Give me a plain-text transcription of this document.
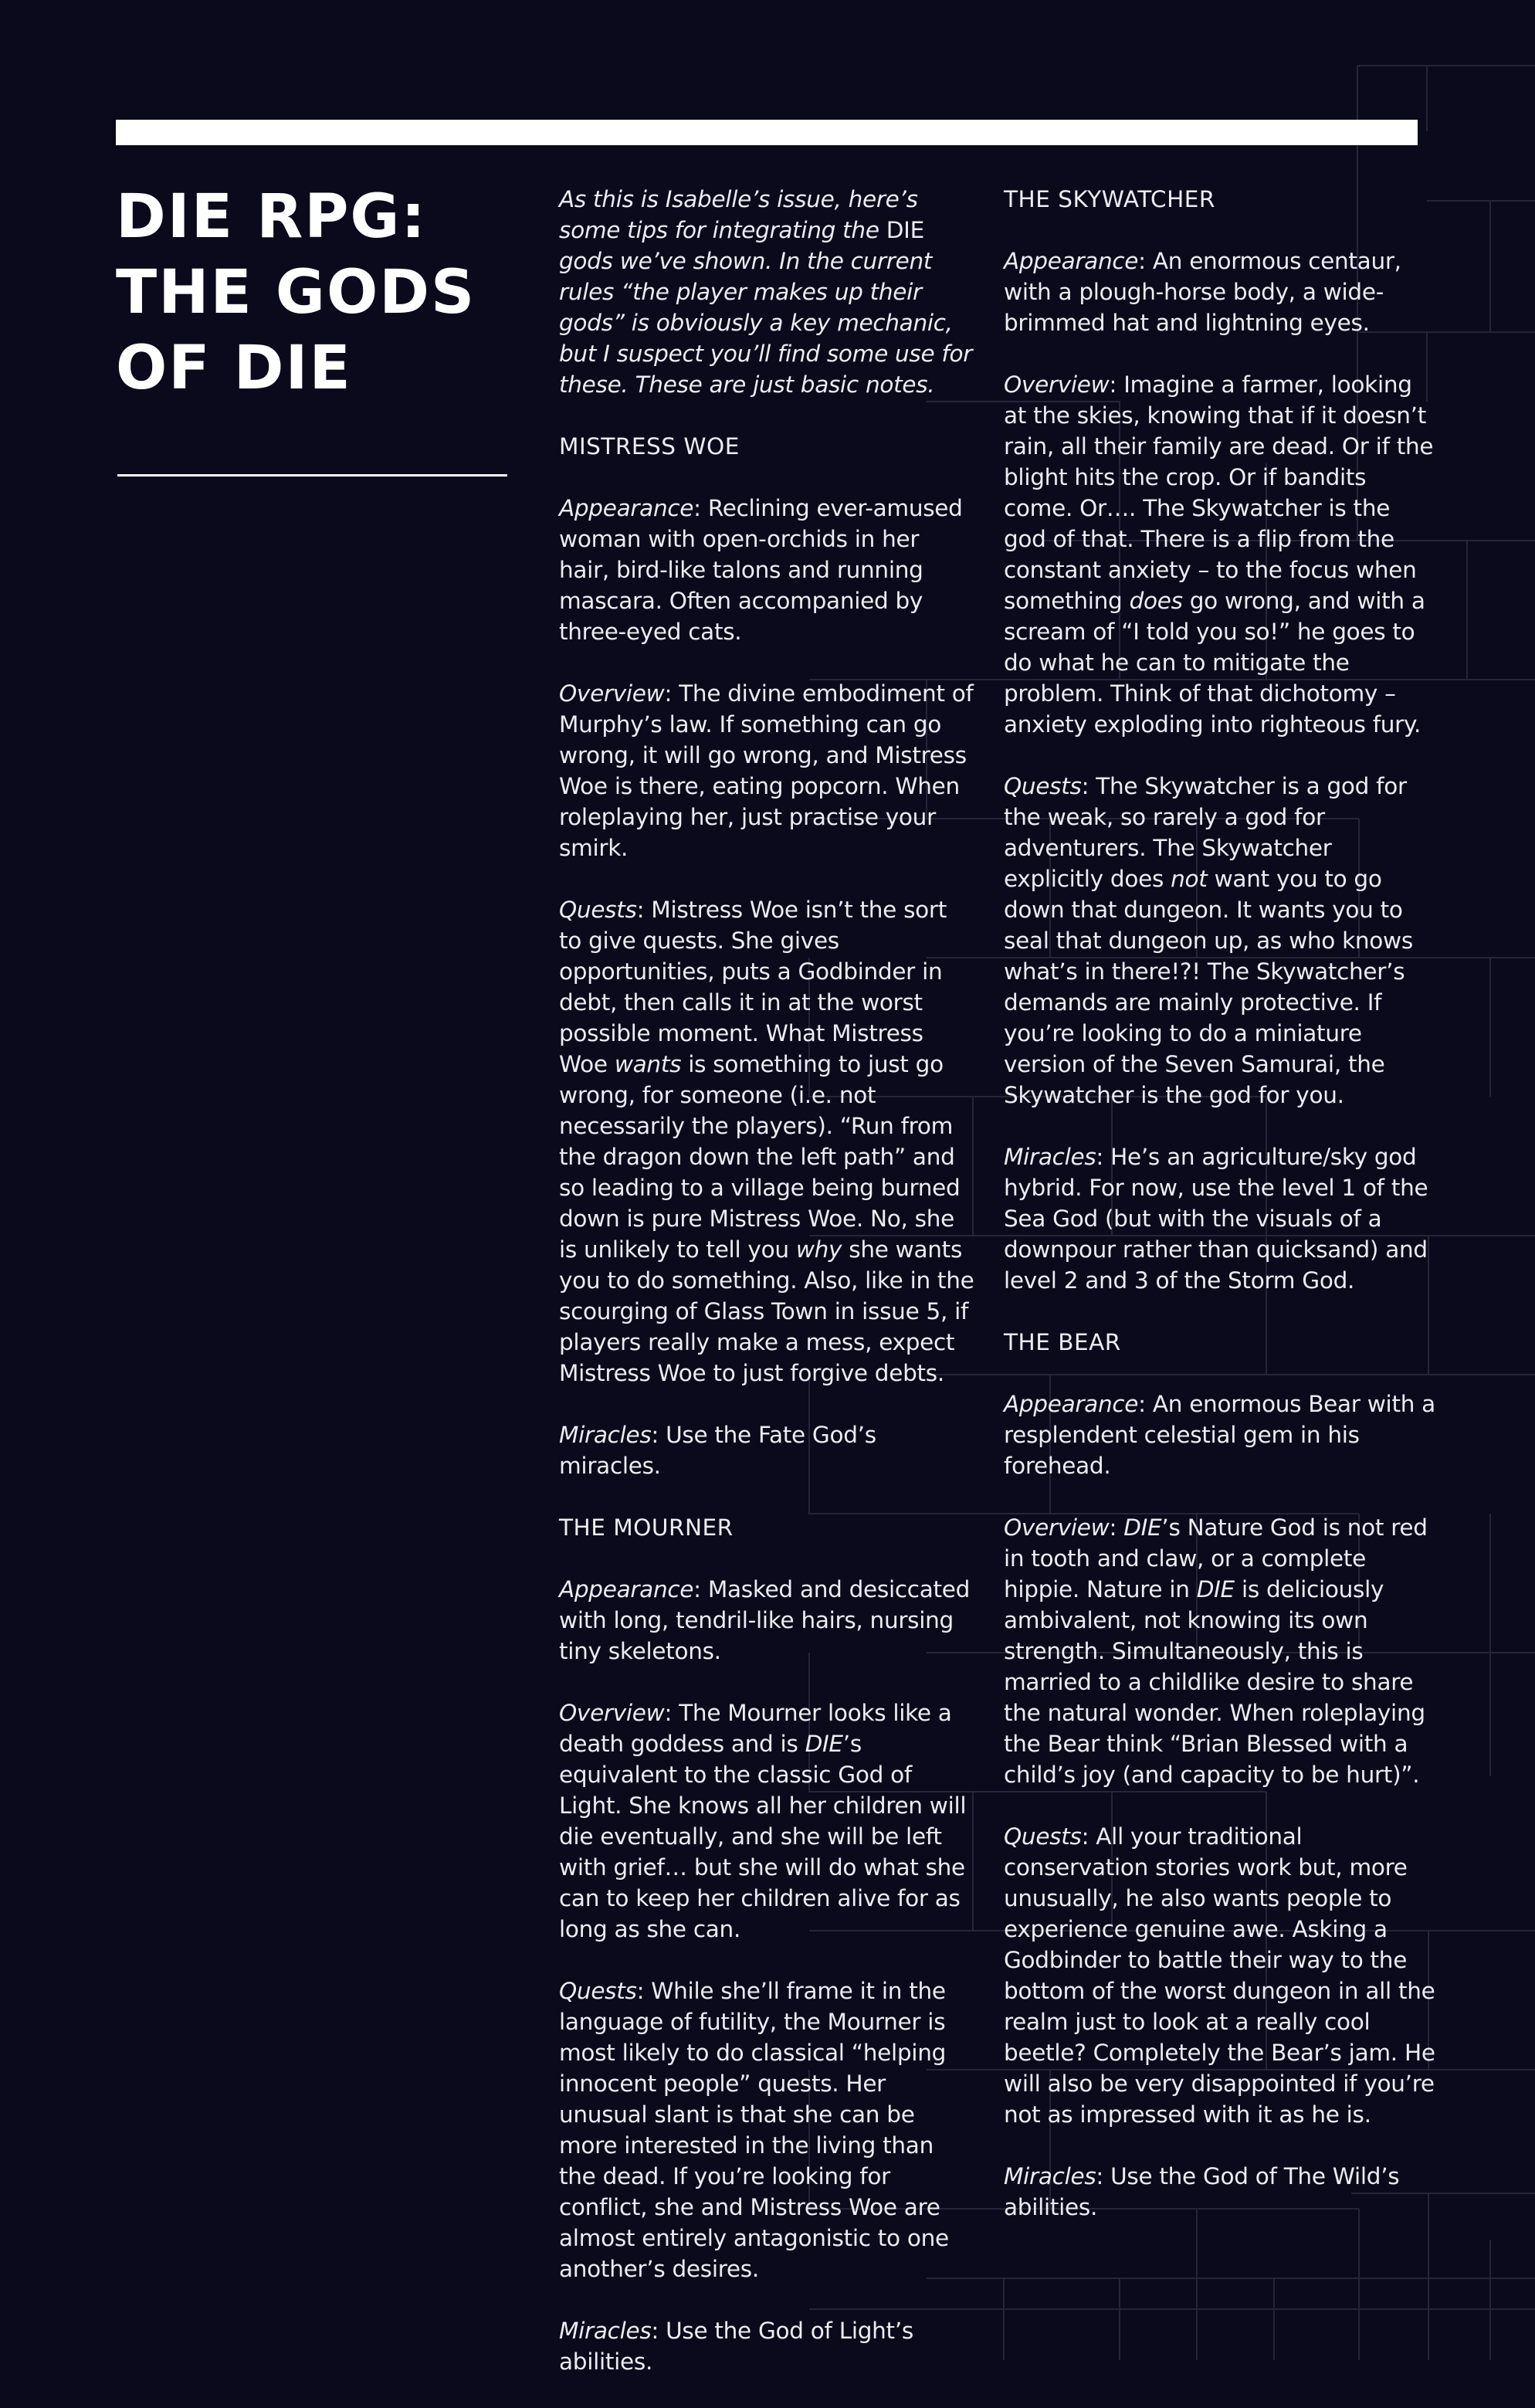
DIE RPG: THE GODS OF DIE

As this is Isabelle’s issue, here’s some tips for integrating the DIE gods we’ve shown. In the current rules “the player makes up their gods” is obviously a key mechanic, but I suspect you’ll find some use for these. These are just basic notes.

MISTRESS WOE

Appearance: Reclining ever-amused woman with open-orchids in her hair, bird-like talons and running mascara. Often accompanied by three-eyed cats.

Overview: The divine embodiment of Murphy’s law. If something can go wrong, it will go wrong, and Mistress Woe is there, eating popcorn. When roleplaying her, just practise your smirk.

Quests: Mistress Woe isn’t the sort to give quests. She gives opportunities, puts a Godbinder in debt, then calls it in at the worst possible moment. What Mistress Woe wants is something to just go wrong, for someone (i.e. not necessarily the players). “Run from the dragon down the left path” and so leading to a village being burned down is pure Mistress Woe. No, she is unlikely to tell you why she wants you to do something. Also, like in the scourging of Glass Town in issue 5, if players really make a mess, expect Mistress Woe to just forgive debts.

Miracles: Use the Fate God’s miracles.

THE MOURNER

Appearance: Masked and desiccated with long, tendril-like hairs, nursing tiny skeletons.

Overview: The Mourner looks like a death goddess and is DIE’s equivalent to the classic God of Light. She knows all her children will die eventually, and she will be left with grief… but she will do what she can to keep her children alive for as long as she can.

Quests: While she’ll frame it in the language of futility, the Mourner is most likely to do classical “helping innocent people” quests. Her unusual slant is that she can be more interested in the living than the dead. If you’re looking for conflict, she and Mistress Woe are almost entirely antagonistic to one another’s desires.

Miracles: Use the God of Light’s abilities.

THE SKYWATCHER

Appearance: An enormous centaur, with a plough-horse body, a wide-brimmed hat and lightning eyes.

Overview: Imagine a farmer, looking at the skies, knowing that if it doesn’t rain, all their family are dead. Or if the blight hits the crop. Or if bandits come. Or…. The Skywatcher is the god of that. There is a flip from the constant anxiety – to the focus when something does go wrong, and with a scream of “I told you so!” he goes to do what he can to mitigate the problem. Think of that dichotomy – anxiety exploding into righteous fury.

Quests: The Skywatcher is a god for the weak, so rarely a god for adventurers. The Skywatcher explicitly does not want you to go down that dungeon. It wants you to seal that dungeon up, as who knows what’s in there!?! The Skywatcher’s demands are mainly protective. If you’re looking to do a miniature version of the Seven Samurai, the Skywatcher is the god for you.

Miracles: He’s an agriculture/sky god hybrid. For now, use the level 1 of the Sea God (but with the visuals of a downpour rather than quicksand) and level 2 and 3 of the Storm God.

THE BEAR

Appearance: An enormous Bear with a resplendent celestial gem in his forehead.

Overview: DIE’s Nature God is not red in tooth and claw, or a complete hippie. Nature in DIE is deliciously ambivalent, not knowing its own strength. Simultaneously, this is married to a childlike desire to share the natural wonder. When roleplaying the Bear think “Brian Blessed with a child’s joy (and capacity to be hurt)”.

Quests: All your traditional conservation stories work but, more unusually, he also wants people to experience genuine awe. Asking a Godbinder to battle their way to the bottom of the worst dungeon in all the realm just to look at a really cool beetle? Completely the Bear’s jam. He will also be very disappointed if you’re not as impressed with it as he is.

Miracles: Use the God of The Wild’s abilities.
